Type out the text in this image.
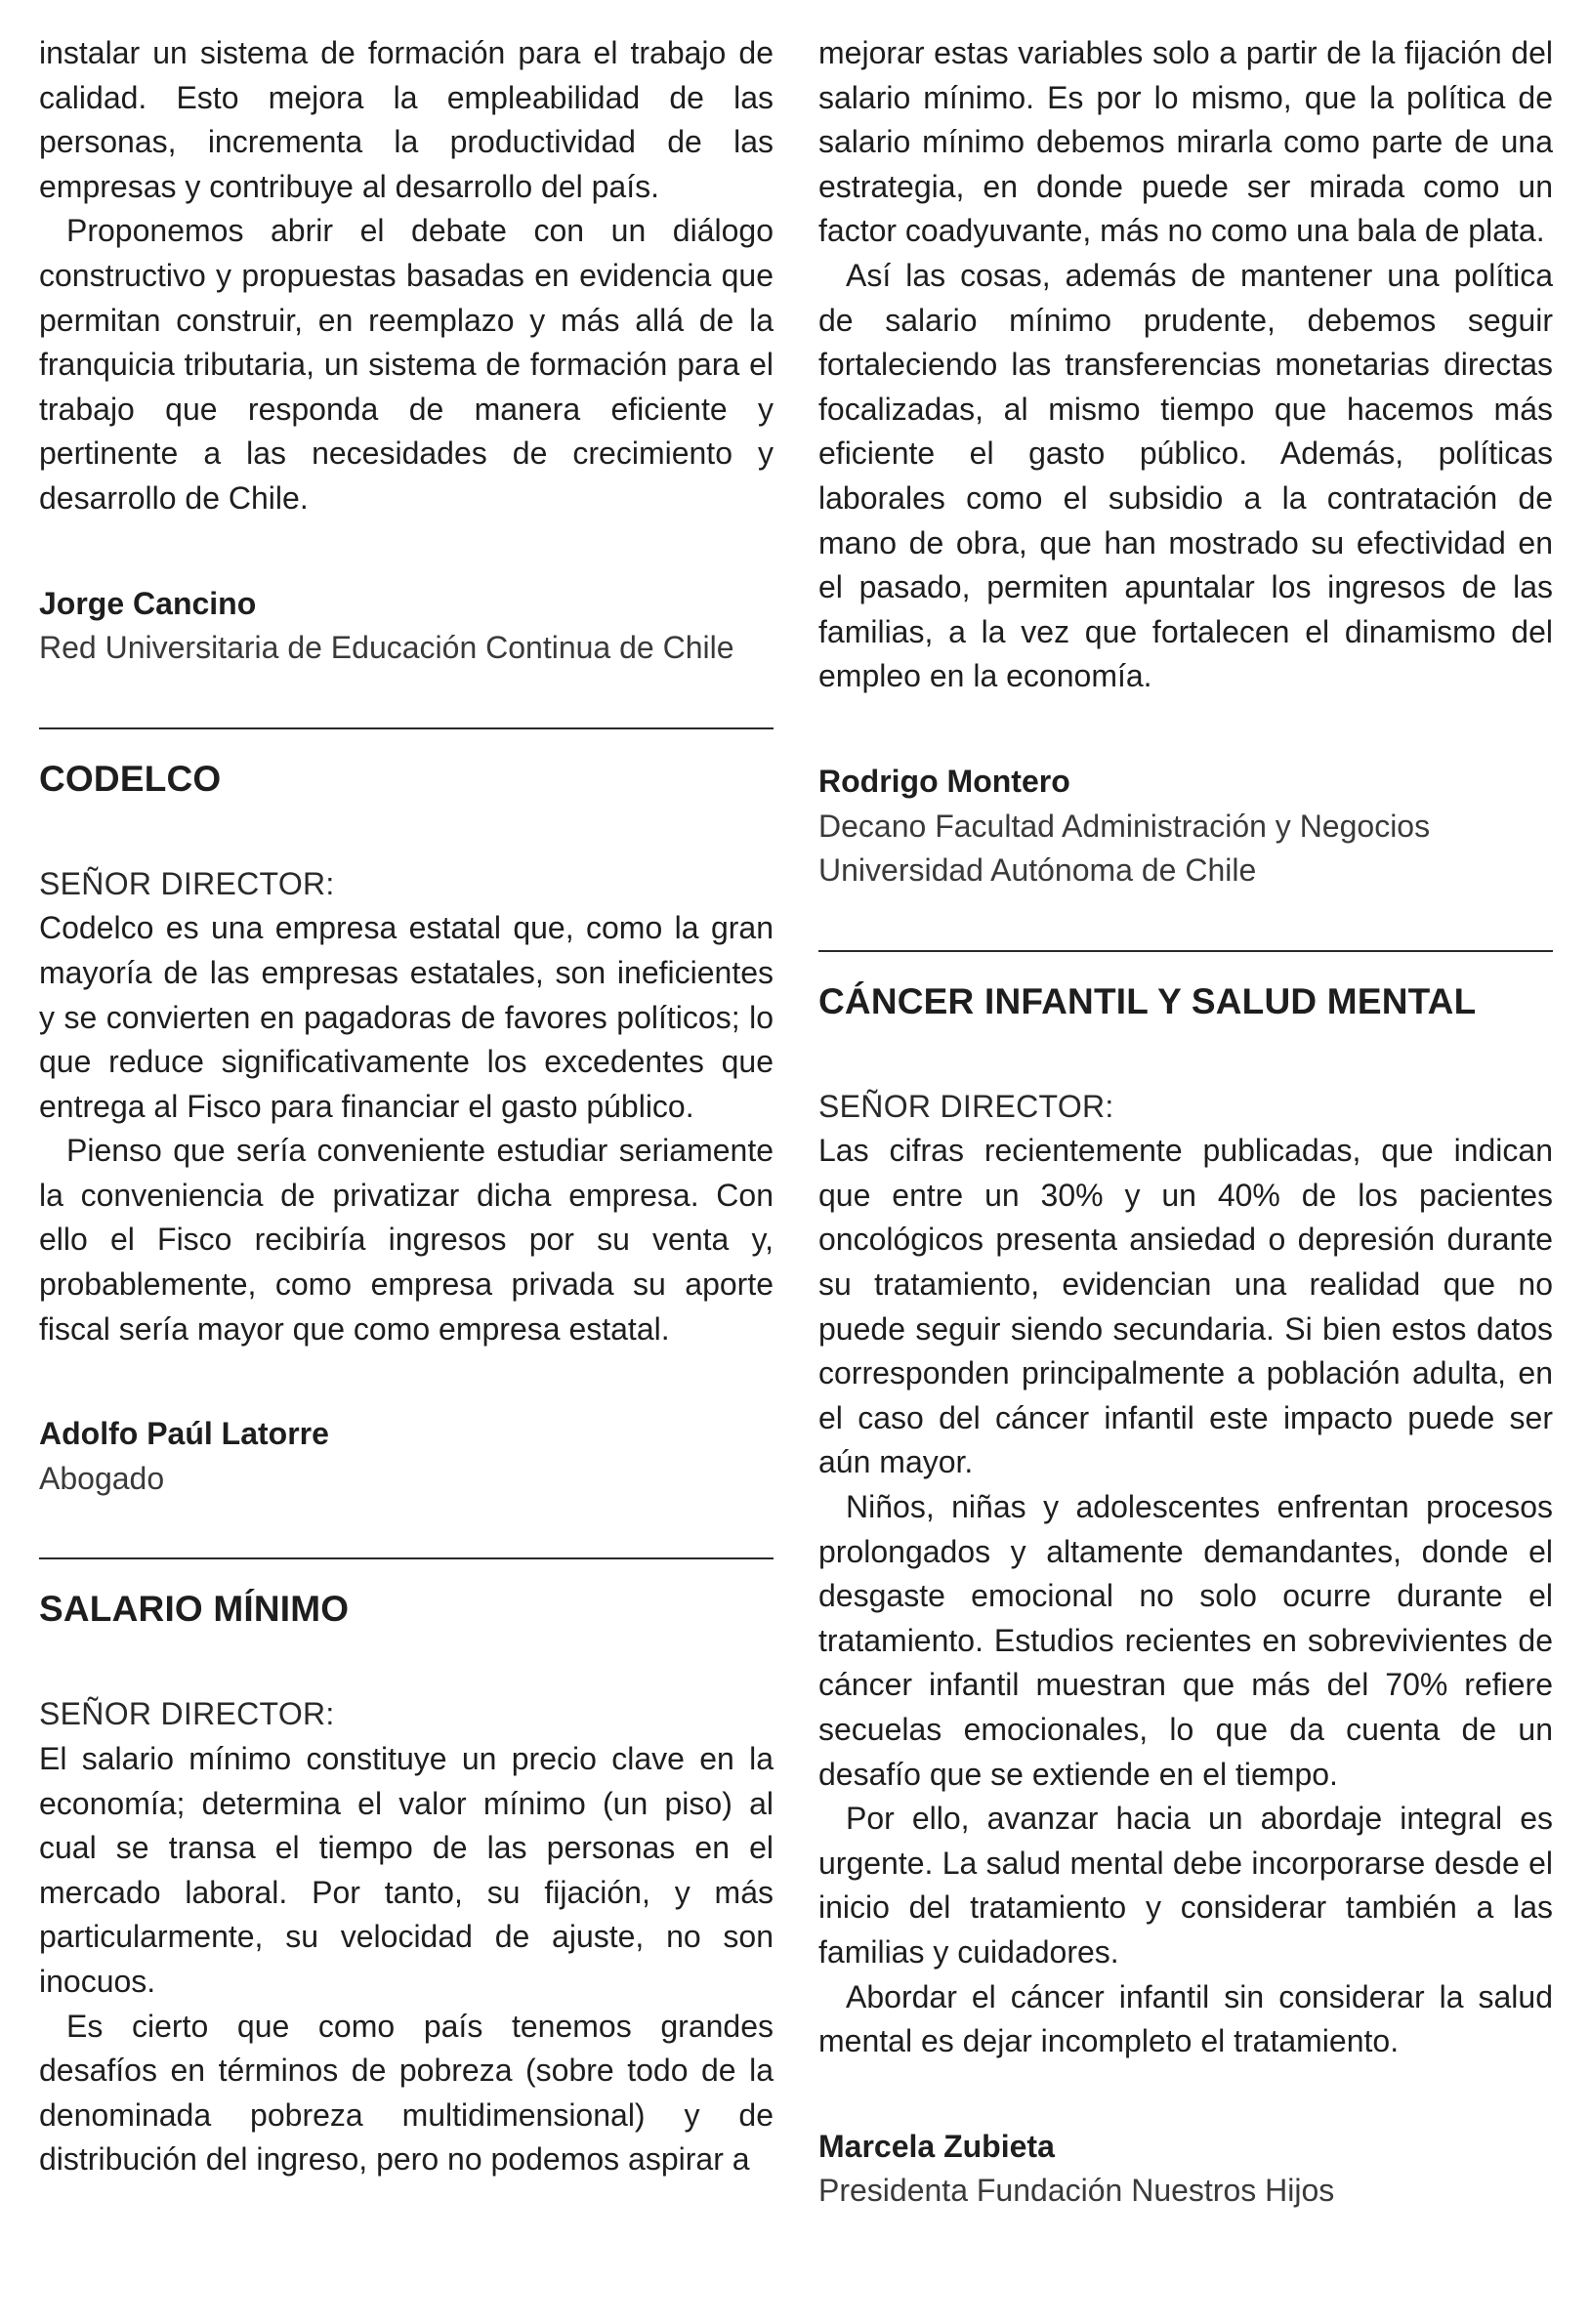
instalar un sistema de formación para el trabajo de calidad. Esto mejora la empleabilidad de las personas, incrementa la productividad de las empresas y contribuye al desarrollo del país.

Proponemos abrir el debate con un diálogo constructivo y propuestas basadas en evidencia que permitan construir, en reemplazo y más allá de la franquicia tributaria, un sistema de formación para el trabajo que responda de manera eficiente y pertinente a las necesidades de crecimiento y desarrollo de Chile.

Jorge Cancino
Red Universitaria de Educación Continua de Chile
CODELCO
SEÑOR DIRECTOR:

Codelco es una empresa estatal que, como la gran mayoría de las empresas estatales, son ineficientes y se convierten en pagadoras de favores políticos; lo que reduce significativamente los excedentes que entrega al Fisco para financiar el gasto público.

Pienso que sería conveniente estudiar seriamente la conveniencia de privatizar dicha empresa. Con ello el Fisco recibiría ingresos por su venta y, probablemente, como empresa privada su aporte fiscal sería mayor que como empresa estatal.

Adolfo Paúl Latorre
Abogado
SALARIO MÍNIMO
SEÑOR DIRECTOR:

El salario mínimo constituye un precio clave en la economía; determina el valor mínimo (un piso) al cual se transa el tiempo de las personas en el mercado laboral. Por tanto, su fijación, y más particularmente, su velocidad de ajuste, no son inocuos.

Es cierto que como país tenemos grandes desafíos en términos de pobreza (sobre todo de la denominada pobreza multidimensional) y de distribución del ingreso, pero no podemos aspirar a

mejorar estas variables solo a partir de la fijación del salario mínimo. Es por lo mismo, que la política de salario mínimo debemos mirarla como parte de una estrategia, en donde puede ser mirada como un factor coadyuvante, más no como una bala de plata.

Así las cosas, además de mantener una política de salario mínimo prudente, debemos seguir fortaleciendo las transferencias monetarias directas focalizadas, al mismo tiempo que hacemos más eficiente el gasto público. Además, políticas laborales como el subsidio a la contratación de mano de obra, que han mostrado su efectividad en el pasado, permiten apuntalar los ingresos de las familias, a la vez que fortalecen el dinamismo del empleo en la economía.

Rodrigo Montero
Decano Facultad Administración y Negocios
Universidad Autónoma de Chile
CÁNCER INFANTIL Y SALUD MENTAL
SEÑOR DIRECTOR:

Las cifras recientemente publicadas, que indican que entre un 30% y un 40% de los pacientes oncológicos presenta ansiedad o depresión durante su tratamiento, evidencian una realidad que no puede seguir siendo secundaria. Si bien estos datos corresponden principalmente a población adulta, en el caso del cáncer infantil este impacto puede ser aún mayor.

Niños, niñas y adolescentes enfrentan procesos prolongados y altamente demandantes, donde el desgaste emocional no solo ocurre durante el tratamiento. Estudios recientes en sobrevivientes de cáncer infantil muestran que más del 70% refiere secuelas emocionales, lo que da cuenta de un desafío que se extiende en el tiempo.

Por ello, avanzar hacia un abordaje integral es urgente. La salud mental debe incorporarse desde el inicio del tratamiento y considerar también a las familias y cuidadores.

Abordar el cáncer infantil sin considerar la salud mental es dejar incompleto el tratamiento.

Marcela Zubieta
Presidenta Fundación Nuestros Hijos
